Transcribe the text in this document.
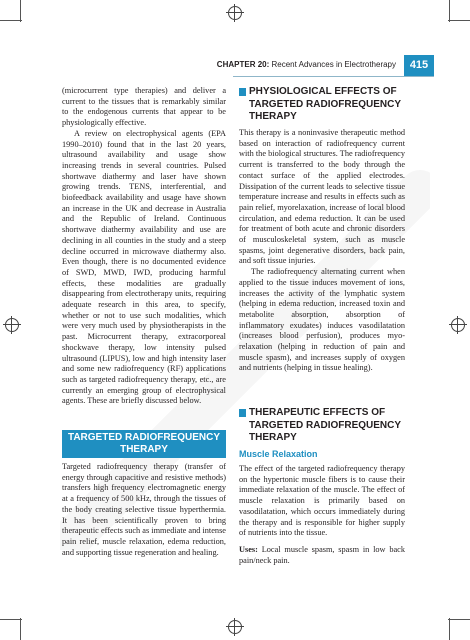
CHAPTER 20: Recent Advances in Electrotherapy	415

(microcurrent type therapies) and deliver a current to the tissues that is remarkably similar to the endogenous currents that appear to be physiologically effective.

A review on electrophysical agents (EPA 1990–2010) found that in the last 20 years, ultrasound availability and usage show increasing trends in several countries. Pulsed shortwave diathermy and laser have shown growing trends. TENS, interferential, and biofeedback availability and usage have shown an increase in the UK and decrease in Australia and the Republic of Ireland. Continuous shortwave diathermy availability and use are declining in all counties in the study and a steep decline occurred in microwave diathermy also. Even though, there is no documented evidence of SWD, MWD, IWD, producing harmful effects, these modalities are gradually disappearing from electrotherapy units, requiring adequate research in this area, to specify, whether or not to use such modalities, which were very much used by physiotherapists in the past. Microcurrent therapy, extracorporeal shockwave therapy, low intensity pulsed ultrasound (LIPUS), low and high intensity laser and some new radiofrequency (RF) applications such as targeted radiofrequency therapy, etc., are currently an emerging group of electrophysical agents. These are briefly discussed below.

TARGETED RADIOFREQUENCY
THERAPY

Targeted radiofrequency therapy (transfer of energy through capacitive and resistive methods) transfers high frequency electromagnetic energy at a frequency of 500 kHz, through the tissues of the body creating selective tissue hyperthermia. It has been scientifically proven to bring therapeutic effects such as immediate and intense pain relief, muscle relaxation, edema reduction, and supporting tissue regeneration and healing.

PHYSIOLOGICAL EFFECTS OF TARGETED RADIOFREQUENCY THERAPY

This therapy is a noninvasive therapeutic method based on interaction of radiofrequency current with the biological structures. The radiofrequency current is transferred to the body through the contact surface of the applied electrodes. Dissipation of the current leads to selective tissue temperature increase and results in effects such as pain relief, myorelaxation, increase of local blood circulation, and edema reduction. It can be used for treatment of both acute and chronic disorders of musculoskeletal system, such as muscle spasms, joint degenerative disorders, back pain, and soft tissue injuries.

The radiofrequency alternating current when applied to the tissue induces movement of ions, increases the activity of the lymphatic system (helping in edema reduction, increased toxin and metabolite absorption, absorption of inflammatory exudates) induces vasodilatation (increases blood perfusion), produces myo-relaxation (helping in reduction of pain and muscle spasm), and increases supply of oxygen and nutrients (helping in tissue healing).

THERAPEUTIC EFFECTS OF TARGETED RADIOFREQUENCY THERAPY
Muscle Relaxation

The effect of the targeted radiofrequency therapy on the hypertonic muscle fibers is to cause their immediate relaxation of the muscle. The effect of muscle relaxation is primarily based on vasodilatation, which occurs immediately during the therapy and is responsible for higher supply of nutrients into the tissue.

Uses: Local muscle spasm, spasm in low back pain/neck pain.
